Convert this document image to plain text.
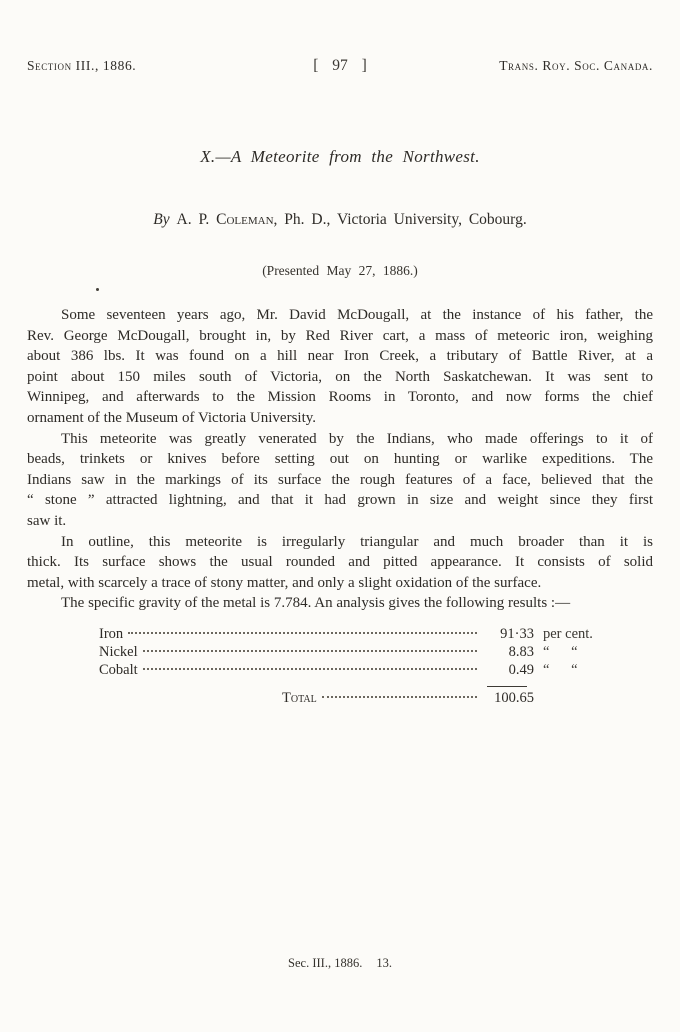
Section III., 1886.	[ 97 ]	Trans. Roy. Soc. Canada.
X.—A Meteorite from the Northwest.
By A. P. Coleman, Ph. D., Victoria University, Cobourg.
(Presented May 27, 1886.)
Some seventeen years ago, Mr. David McDougall, at the instance of his father, the
Rev. George McDougall, brought in, by Red River cart, a mass of meteoric iron, weighing
about 386 lbs. It was found on a hill near Iron Creek, a tributary of Battle River, at a
point about 150 miles south of Victoria, on the North Saskatchewan. It was sent to
Winnipeg, and afterwards to the Mission Rooms in Toronto, and now forms the chief
ornament of the Museum of Victoria University.
This meteorite was greatly venerated by the Indians, who made offerings to it of
beads, trinkets or knives before setting out on hunting or warlike expeditions. The
Indians saw in the markings of its surface the rough features of a face, believed that the
“ stone ” attracted lightning, and that it had grown in size and weight since they first
saw it.
In outline, this meteorite is irregularly triangular and much broader than it is
thick. Its surface shows the usual rounded and pitted appearance. It consists of solid
metal, with scarcely a trace of stony matter, and only a slight oxidation of the surface.
The specific gravity of the metal is 7.784. An analysis gives the following results :—
Iron	91·33 per cent.
Nickel	8.83 “      “
Cobalt	0.49 “      “
Total	100.65
Sec. III., 1886. 13.
